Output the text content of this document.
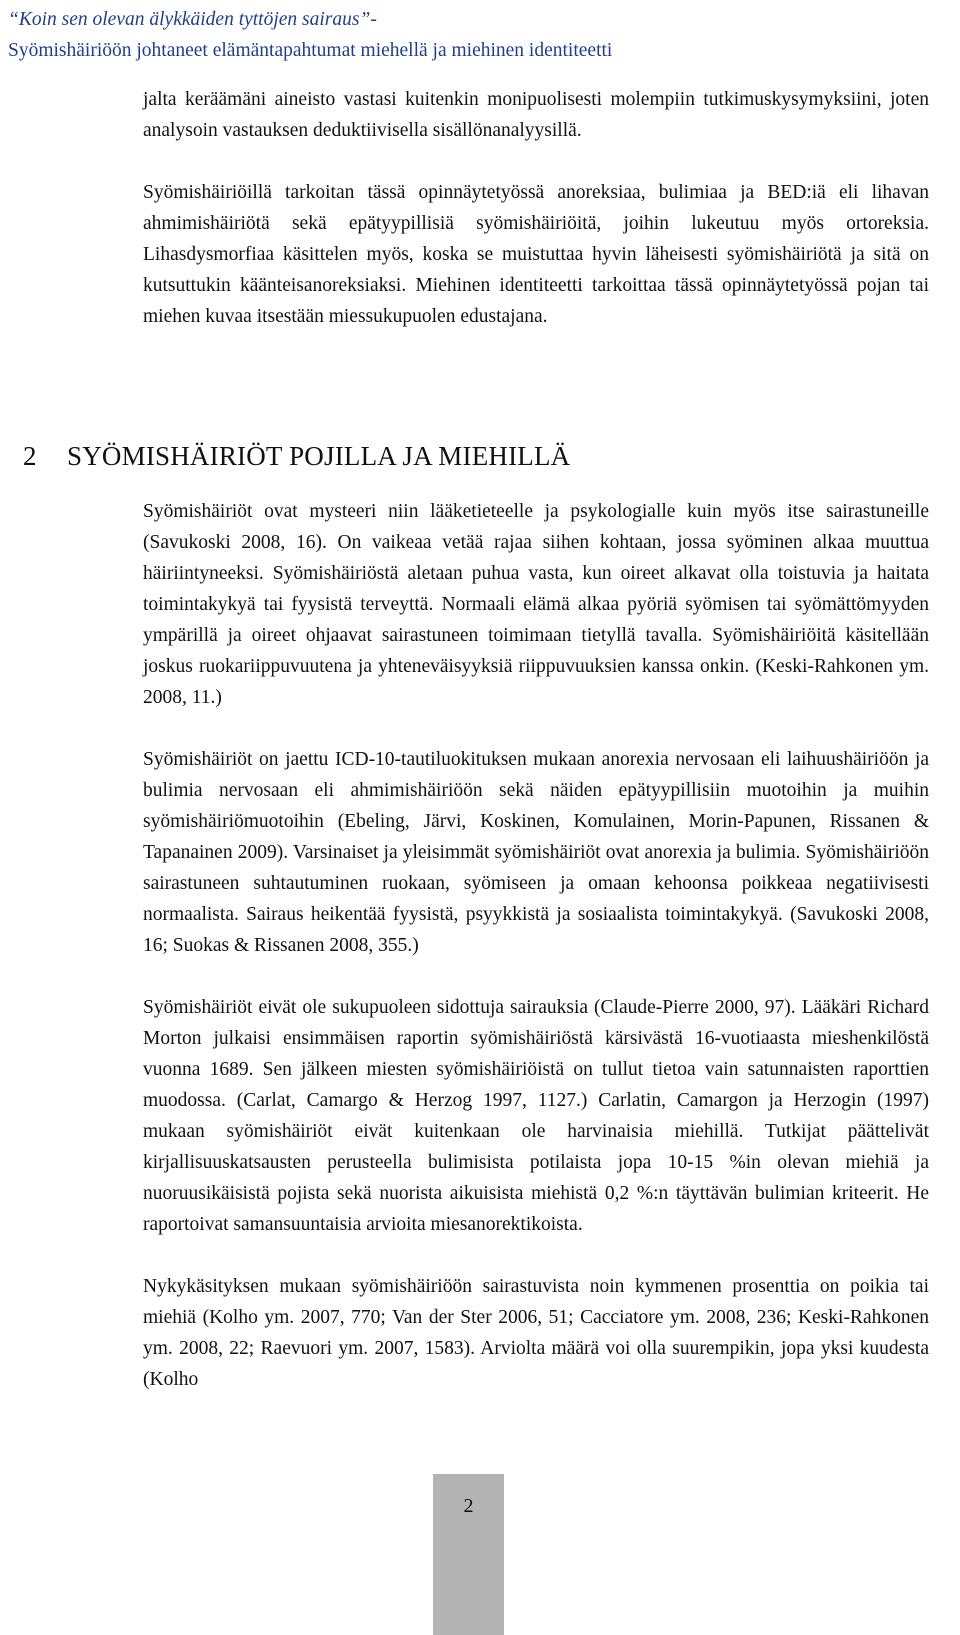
“Koin sen olevan älykkäiden tyttöjen sairaus”-
Syömishäiriöön johtaneet elämäntapahtumat miehellä ja miehinen identiteetti

jalta keräämäni aineisto vastasi kuitenkin monipuolisesti molempiin tutkimuskysymyksiini, joten analysoin vastauksen deduktiivisella sisällönanalyysillä.

Syömishäiriöillä tarkoitan tässä opinnäytetyössä anoreksiaa, bulimiaa ja BED:iä eli lihavan ahmimishäiriötä sekä epätyypillisiä syömishäiriöitä, joihin lukeutuu myös ortoreksia. Lihasdysmorfiaa käsittelen myös, koska se muistuttaa hyvin läheisesti syömishäiriötä ja sitä on kutsuttukin käänteisanoreksiaksi. Miehinen identiteetti tarkoittaa tässä opinnäytetyössä pojan tai miehen kuvaa itsestään miessukupuolen edustajana.

2 SYÖMISHÄIRIÖT POJILLA JA MIEHILLÄ

Syömishäiriöt ovat mysteeri niin lääketieteelle ja psykologialle kuin myös itse sairastuneille (Savukoski 2008, 16). On vaikeaa vetää rajaa siihen kohtaan, jossa syöminen alkaa muuttua häiriintyneeksi. Syömishäiriöstä aletaan puhua vasta, kun oireet alkavat olla toistuvia ja haitata toimintakykyä tai fyysistä terveyttä. Normaali elämä alkaa pyöriä syömisen tai syömättömyyden ympärillä ja oireet ohjaavat sairastuneen toimimaan tietyllä tavalla. Syömishäiriöitä käsitellään joskus ruokariippuvuutena ja yhteneväisyyksiä riippuvuuksien kanssa onkin. (Keski-Rahkonen ym. 2008, 11.)

Syömishäiriöt on jaettu ICD-10-tautiluokituksen mukaan anorexia nervosaan eli laihuushäiriöön ja bulimia nervosaan eli ahmimishäiriöön sekä näiden epätyypillisiin muotoihin ja muihin syömishäiriömuotoihin (Ebeling, Järvi, Koskinen, Komulainen, Morin-Papunen, Rissanen & Tapanainen 2009). Varsinaiset ja yleisimmät syömishäiriöt ovat anorexia ja bulimia. Syömishäiriöön sairastuneen suhtautuminen ruokaan, syömiseen ja omaan kehoonsa poikkeaa negatiivisesti normaalista. Sairaus heikentää fyysistä, psyykkistä ja sosiaalista toimintakykyä. (Savukoski 2008, 16; Suokas & Rissanen 2008, 355.)

Syömishäiriöt eivät ole sukupuoleen sidottuja sairauksia (Claude-Pierre 2000, 97). Lääkäri Richard Morton julkaisi ensimmäisen raportin syömishäiriöstä kärsivästä 16-vuotiaasta mieshenkilöstä vuonna 1689. Sen jälkeen miesten syömishäiriöistä on tullut tietoa vain satunnaisten raporttien muodossa. (Carlat, Camargo & Herzog 1997, 1127.) Carlatin, Camargon ja Herzogin (1997) mukaan syömishäiriöt eivät kuitenkaan ole harvinaisia miehillä. Tutkijat päättelivät kirjallisuuskatsausten perusteella bulimisista potilaista jopa 10-15 %in olevan miehiä ja nuoruusikäisistä pojista sekä nuorista aikuisista miehistä 0,2 %:n täyttävän bulimian kriteerit. He raportoivat samansuuntaisia arvioita miesanorektikoista.

Nykykäsityksen mukaan syömishäiriöön sairastuvista noin kymmenen prosenttia on poikia tai miehiä (Kolho ym. 2007, 770; Van der Ster 2006, 51; Cacciatore ym. 2008, 236; Keski-Rahkonen ym. 2008, 22; Raevuori ym. 2007, 1583). Arviolta määrä voi olla suurempikin, jopa yksi kuudesta (Kolho

2
